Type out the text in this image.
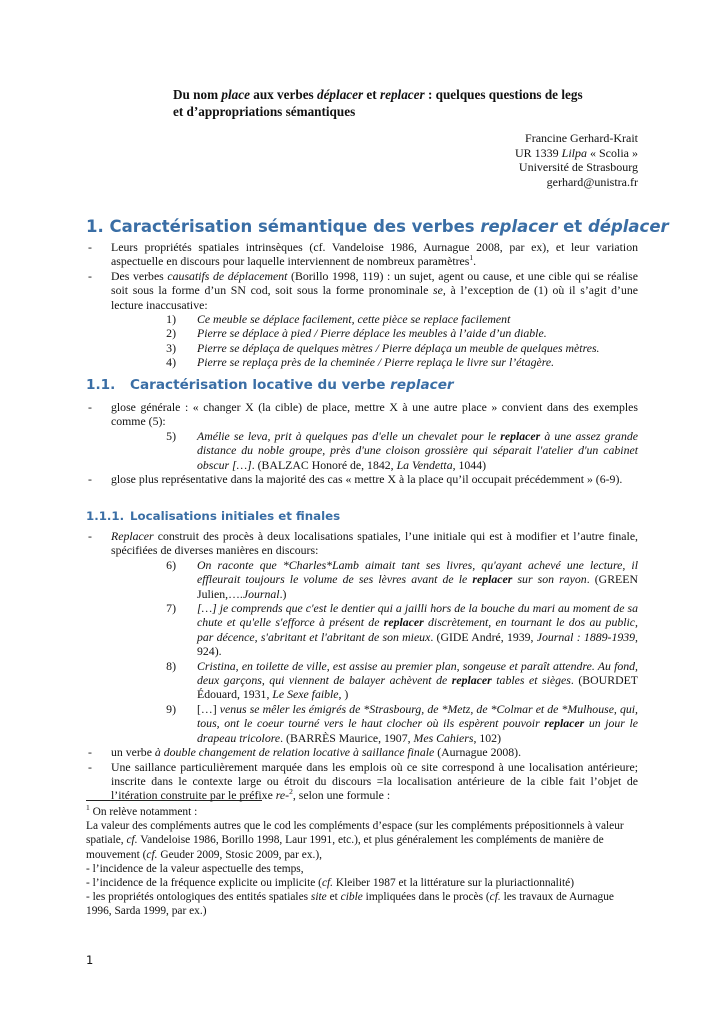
Du nom place aux verbes déplacer et replacer : quelques questions de legs
et d’appropriations sémantiques
Francine Gerhard-Krait
UR 1339 Lilpa « Scolia »
Université de Strasbourg
gerhard@unistra.fr
1. Caractérisation sémantique des verbes replacer et déplacer
- Leurs propriétés spatiales intrinsèques (cf. Vandeloise 1986, Aurnague 2008, par ex), et leur variation aspectuelle en discours pour laquelle interviennent de nombreux paramètres$^1$.
- Des verbes causatifs de déplacement (Borillo 1998, 119) : un sujet, agent ou cause, et une cible qui se réalise soit sous la forme d’un SN cod, soit sous la forme pronominale se, à l’exception de (1) où il s’agit d’une lecture inaccusative:
1) Ce meuble se déplace facilement, cette pièce se replace facilement
2) Pierre se déplace à pied / Pierre déplace les meubles à l’aide d’un diable.
3) Pierre se déplaça de quelques mètres / Pierre déplaça un meuble de quelques mètres.
4) Pierre se replaça près de la cheminée / Pierre replaça le livre sur l’étagère.
1.1. Caractérisation locative du verbe replacer
- glose générale : « changer X (la cible) de place, mettre X à une autre place » convient dans des exemples comme (5):
5) Amélie se leva, prit à quelques pas d'elle un chevalet pour le replacer à une assez grande distance du noble groupe, près d'une cloison grossière qui séparait l'atelier d'un cabinet obscur […]. (BALZAC Honoré de, 1842, La Vendetta, 1044)
- glose plus représentative dans la majorité des cas « mettre X à la place qu’il occupait précédemment » (6-9).
1.1.1. Localisations initiales et finales
- Replacer construit des procès à deux localisations spatiales, l’une initiale qui est à modifier et l’autre finale, spécifiées de diverses manières en discours:
6) On raconte que *Charles*Lamb aimait tant ses livres, qu'ayant achevé une lecture, il effleurait toujours le volume de ses lèvres avant de le replacer sur son rayon. (GREEN Julien,….Journal.)
7) […] je comprends que c'est le dentier qui a jailli hors de la bouche du mari au moment de sa chute et qu'elle s'efforce à présent de replacer discrètement, en tournant le dos au public, par décence, s'abritant et l'abritant de son mieux. (GIDE André, 1939, Journal : 1889-1939, 924).
8) Cristina, en toilette de ville, est assise au premier plan, songeuse et paraît attendre. Au fond, deux garçons, qui viennent de balayer achèvent de replacer tables et sièges. (BOURDET Édouard, 1931, Le Sexe faible, )
9) […] venus se mêler les émigrés de *Strasbourg, de *Metz, de *Colmar et de *Mulhouse, qui, tous, ont le coeur tourné vers le haut clocher où ils espèrent pouvoir replacer un jour le drapeau tricolore. (BARRÈS Maurice, 1907, Mes Cahiers, 102)
- un verbe à double changement de relation locative à saillance finale (Aurnague 2008).
- Une saillance particulièrement marquée dans les emplois où ce site correspond à une localisation antérieure; inscrite dans le contexte large ou étroit du discours =la localisation antérieure de la cible fait l’objet de l’itération construite par le préfixe re-$^2$, selon une formule :
$^1$ On relève notamment :
La valeur des compléments autres que le cod les compléments d’espace (sur les compléments prépositionnels à valeur spatiale, cf. Vandeloise 1986, Borillo 1998, Laur 1991, etc.), et plus généralement les compléments de manière de mouvement (cf. Geuder 2009, Stosic 2009, par ex.),
- l’incidence de la valeur aspectuelle des temps,
- l’incidence de la fréquence explicite ou implicite (cf. Kleiber 1987 et la littérature sur la pluriactionnalité)
- les propriétés ontologiques des entités spatiales site et cible impliquées dans le procès (cf. les travaux de Aurnague 1996, Sarda 1999, par ex.)
1
